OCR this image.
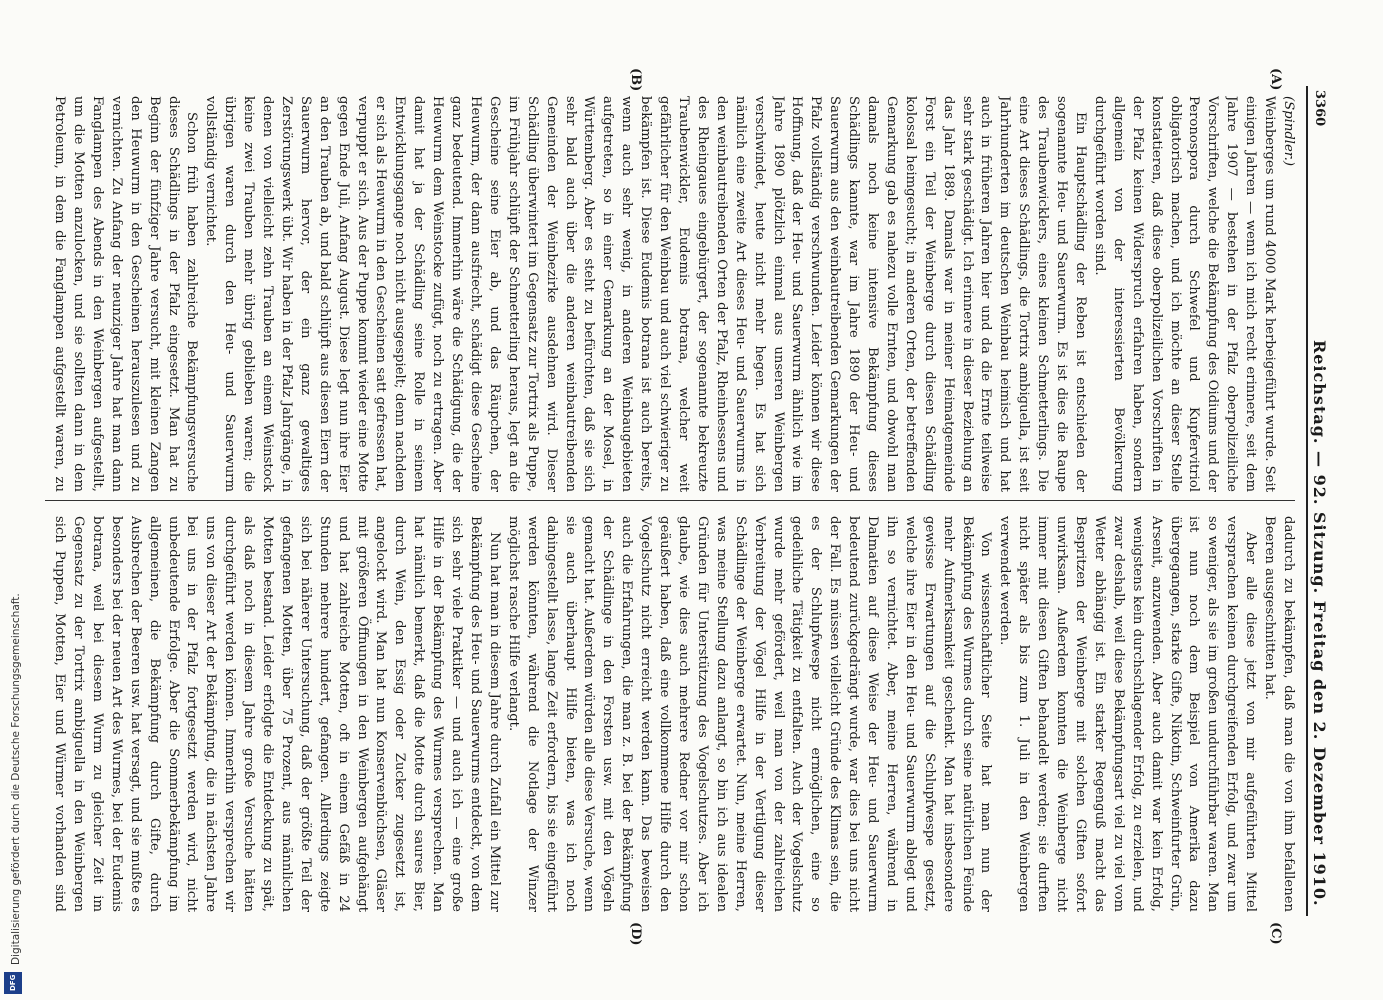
3360
Reichstag. — 92. Sitzung. Freitag den 2. Dezember 1910.
(A)
(B)
(C)
(D)

(Spindler.)

Weinberges um rund 4000 Mark herbeigeführt wurde. Seit einigen Jahren — wenn ich mich recht erinnere, seit dem Jahre 1907 — bestehen in der Pfalz oberpolizeiliche Vorschriften, welche die Bekämpfung des Oidiums und der Peronospora durch Schwefel und Kupfervitriol obligatorisch machen, und ich möchte an dieser Stelle konstatieren, daß diese oberpolizeilichen Vorschriften in der Pfalz keinen Widerspruch erfahren haben, sondern allgemein von der interessierten Bevölkerung durchgeführt worden sind.

Ein Hauptschädling der Reben ist entschieden der sogenannte Heu- und Sauerwurm. Es ist dies die Raupe des Traubenwicklers, eines kleinen Schmetterlings. Die eine Art dieses Schädlings, die Tortrix ambiguella, ist seit Jahrhunderten im deutschen Weinbau heimisch und hat auch in früheren Jahren hier und da die Ernte teilweise sehr stark geschädigt. Ich erinnere in dieser Beziehung an das Jahr 1889. Damals war in meiner Heimatgemeinde Forst ein Teil der Weinberge durch diesen Schädling kolossal heimgesucht; in anderen Orten, der betreffenden Gemarkung gab es nahezu volle Ernten, und obwohl man damals noch keine intensive Bekämpfung dieses Schädlings kannte, war im Jahre 1890 der Heu- und Sauerwurm aus den weinbautreibenden Gemarkungen der Pfalz vollständig verschwunden. Leider können wir diese Hoffnung, daß der Heu- und Sauerwurm ähnlich wie im Jahre 1890 plötzlich einmal aus unseren Weinbergen verschwindet, heute nicht mehr hegen. Es hat sich nämlich eine zweite Art dieses Heu- und Sauerwurms in den weinbautreibenden Orten der Pfalz, Rheinhessens und des Rheingaues eingebürgert, der sogenannte bekreuzte Traubenwickler, Eudemis botrana, welcher weit gefährlicher für den Weinbau und auch viel schwieriger zu bekämpfen ist. Diese Eudemis botrana ist auch bereits, wenn auch sehr wenig, in anderen Weinbaugebieten aufgetreten, so in einer Gemarkung an der Mosel, in Württemberg. Aber es steht zu befürchten, daß sie sich sehr bald auch über die anderen weinbautreibenden Gemeinden der Weinbezirke ausdehnen wird. Dieser Schädling überwintert im Gegensatz zur Tortrix als Puppe, im Frühjahr schlüpft der Schmetterling heraus, legt an die Gescheine seine Eier ab, und das Räupchen, der Heuwurm, der dann ausfriecht, schädigt diese Gescheine ganz bedeutend. Immerhin wäre die Schädigung, die der Heuwurm dem Weinstocke zufügt, noch zu ertragen. Aber damit hat ja der Schädling seine Rolle in seinem Entwicklungsgange noch nicht ausgespielt; denn nachdem er sich als Heuwurm in den Gescheinen satt gefressen hat, verpuppt er sich. Aus der Puppe kommt wieder eine Motte gegen Ende Juli, Anfang August. Diese legt nun ihre Eier an den Trauben ab, und bald schlüpft aus diesen Eiern der Sauerwurm hervor, der ein ganz gewaltiges Zerstörungswerk übt. Wir haben in der Pfalz Jahrgänge, in denen von vielleicht zehn Trauben an einem Weinstock keine zwei Trauben mehr übrig geblieben waren; die übrigen waren durch den Heu- und Sauerwurm vollständig vernichtet.

Schon früh haben zahlreiche Bekämpfungsversuche dieses Schädlings in der Pfalz eingesetzt. Man hat zu Beginn der fünfziger Jahre versucht, mit kleinen Zangen den Heuwurm in den Gescheinen herauszulesen und zu vernichten. Zu Anfang der neunziger Jahre hat man dann Fanglampen des Abends in den Weinbergen aufgestellt, um die Motten anzulocken, und sie sollten dann in dem Petroleum, in dem die Fanglampen aufgestellt waren, zu

dadurch zu bekämpfen, daß man die von ihm befallenen Beeren ausgeschnitten hat.

Aber alle diese jetzt von mir aufgeführten Mittel versprachen keinen durchgreifenden Erfolg, und zwar um so weniger, als sie im großen undurchführbar waren. Man ist nun noch dem Beispiel von Amerika dazu übergegangen, starke Gifte, Nikotin, Schweinfurter Grün, Arsenit, anzuwenden. Aber auch damit war kein Erfolg, wenigstens kein durchschlagender Erfolg, zu erzielen, und zwar deshalb, weil diese Bekämpfungsart viel zu viel vom Wetter abhängig ist. Ein starker Regenguß macht das Bespritzen der Weinberge mit solchen Giften sofort unwirksam. Außerdem konnten die Weinberge nicht immer mit diesen Giften behandelt werden; sie durften nicht später als bis zum 1. Juli in den Weinbergen verwendet werden.

Von wissenschaftlicher Seite hat man nun der Bekämpfung des Wurmes durch seine natürlichen Feinde mehr Aufmerksamkeit geschenkt. Man hat insbesondere gewisse Erwartungen auf die Schlupfwespe gesetzt, welche ihre Eier in den Heu- und Sauerwurm ablegt und ihn so vernichtet. Aber, meine Herren, während in Dalmatien auf diese Weise der Heu- und Sauerwurm bedeutend zurückgedrängt wurde, war dies bei uns nicht der Fall. Es müssen vielleicht Gründe des Klimas sein, die es der Schlupfwespe nicht ermöglichen, eine so gedeihliche Tätigkeit zu entfalten. Auch der Vogelschutz wurde mehr gefördert, weil man von der zahlreichen Verbreitung der Vögel Hilfe in der Vertilgung dieser Schädlinge der Weinberge erwartet. Nun, meine Herren, was meine Stellung dazu anlangt, so bin ich aus idealen Gründen für Unterstützung des Vogelschutzes. Aber ich glaube, wie dies auch mehrere Redner vor mir schon geäußert haben, daß eine vollkommene Hilfe durch den Vogelschutz nicht erreicht werden kann. Das beweisen auch die Erfahrungen, die man z. B. bei der Bekämpfung der Schädlinge in den Forsten usw. mit den Vögeln gemacht hat. Außerdem würden alle diese Versuche, wenn sie auch überhaupt Hilfe bieten, was ich noch dahingestellt lasse, lange Zeit erfordern, bis sie eingeführt werden könnten, während die Notlage der Winzer möglichst rasche Hilfe verlangt.

Nun hat man in diesem Jahre durch Zufall ein Mittel zur Bekämpfung des Heu- und Sauerwurms entdeckt, von dem sich sehr viele Praktiker — und auch ich — eine große Hilfe in der Bekämpfung des Wurmes versprechen. Man hat nämlich bemerkt, daß die Motte durch saures Bier, durch Wein, den Essig oder Zucker zugesetzt ist, angelockt wird. Man hat nun Konservenbüchsen, Gläser mit größeren Öffnungen in den Weinbergen aufgehängt und hat zahlreiche Motten, oft in einem Gefäß in 24 Stunden mehrere hundert, gefangen. Allerdings zeigte sich bei näherer Untersuchung, daß der größte Teil der gefangenen Motten, über 75 Prozent, aus männlichen Motten bestand. Leider erfolgte die Entdeckung zu spät, als daß noch in diesem Jahre große Versuche hätten durchgeführt werden können. Immerhin versprechen wir uns von dieser Art der Bekämpfung, die in nächsten Jahre bei uns in der Pfalz fortgesetzt werden wird, nicht unbedeutende Erfolge. Aber die Sommerbekämpfung im allgemeinen, die Bekämpfung durch Gifte, durch Ausbrechen der Beeren usw. hat versagt, und sie mußte es besonders bei der neuen Art des Wurmes, bei der Eudemis botrana, weil bei diesem Wurm zu gleicher Zeit im Gegensatz zu der Tortrix ambiguella in den Weinbergen sich Puppen, Motten, Eier und Würmer vorhanden sind

Digitalisierung gefördert durch die Deutsche Forschungsgemeinschaft.
DFG
